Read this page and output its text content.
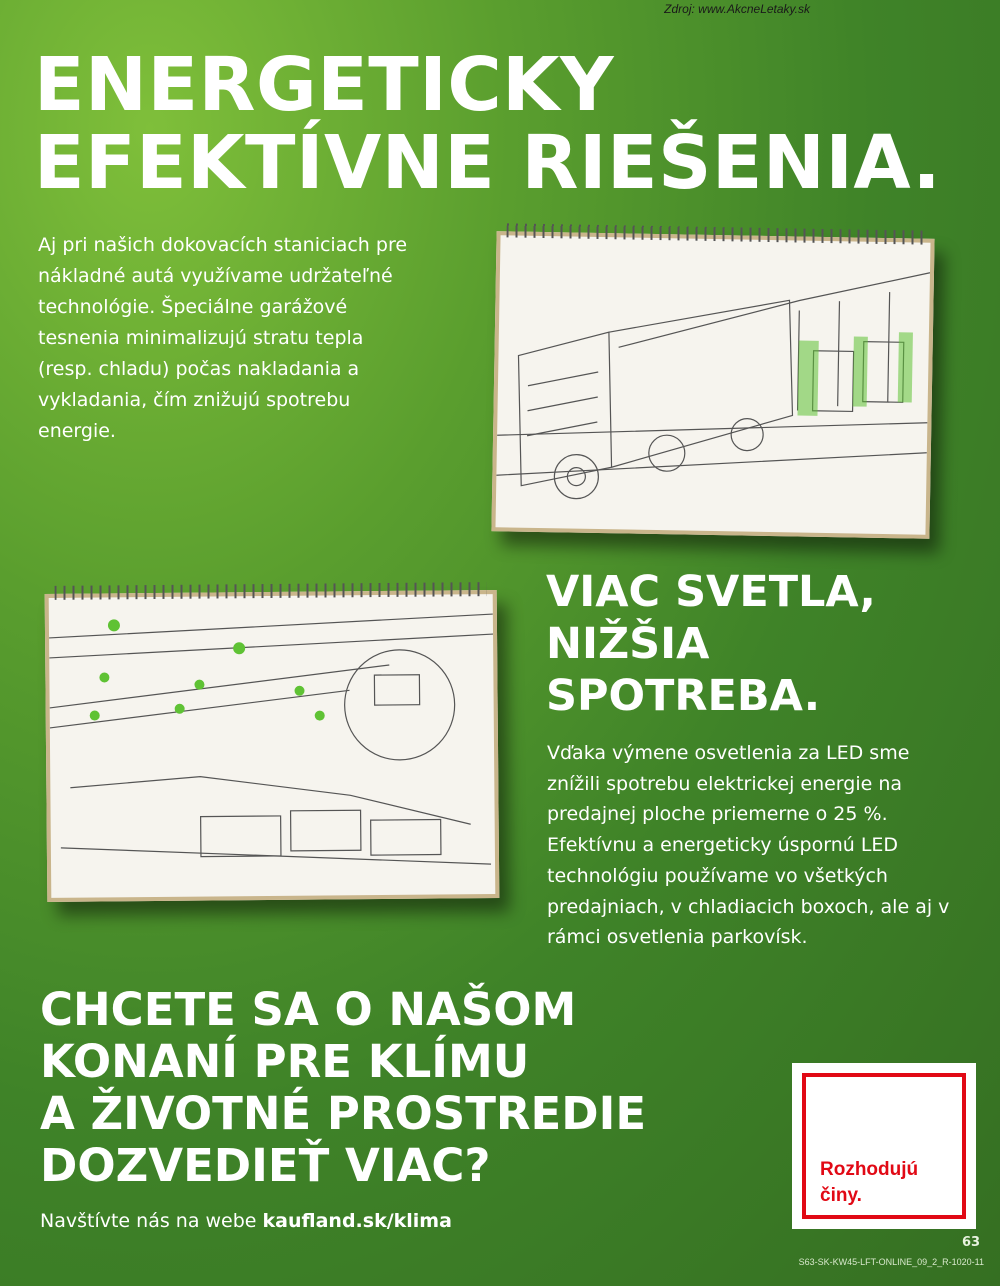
Zdroj: www.AkcneLetaky.sk
ENERGETICKY
EFEKTÍVNE RIEŠENIA.

Aj pri našich dokovacích staniciach pre nákladné autá využívame udržateľné technológie. Špeciálne garážové tesnenia minimalizujú stratu tepla (resp. chladu) počas nakladania a vykladania, čím znižujú spotrebu energie.

VIAC SVETLA,
NIŽŠIA
SPOTREBA.

Vďaka výmene osvetlenia za LED sme znížili spotrebu elektrickej energie na predajnej ploche priemerne o 25 %. Efektívnu a energeticky úspornú LED technológiu používame vo všetkých predajniach, v chladiacich boxoch, ale aj v rámci osvetlenia parkovísk.

CHCETE SA O NAŠOM
KONANÍ PRE KLÍMU
A ŽIVOTNÉ PROSTREDIE
DOZVEDIEŤ VIAC?
Navštívte nás na webe kaufland.sk/klima
Rozhodujú
činy.
63
S63-SK-KW45-LFT-ONLINE_09_2_R-1020-11
